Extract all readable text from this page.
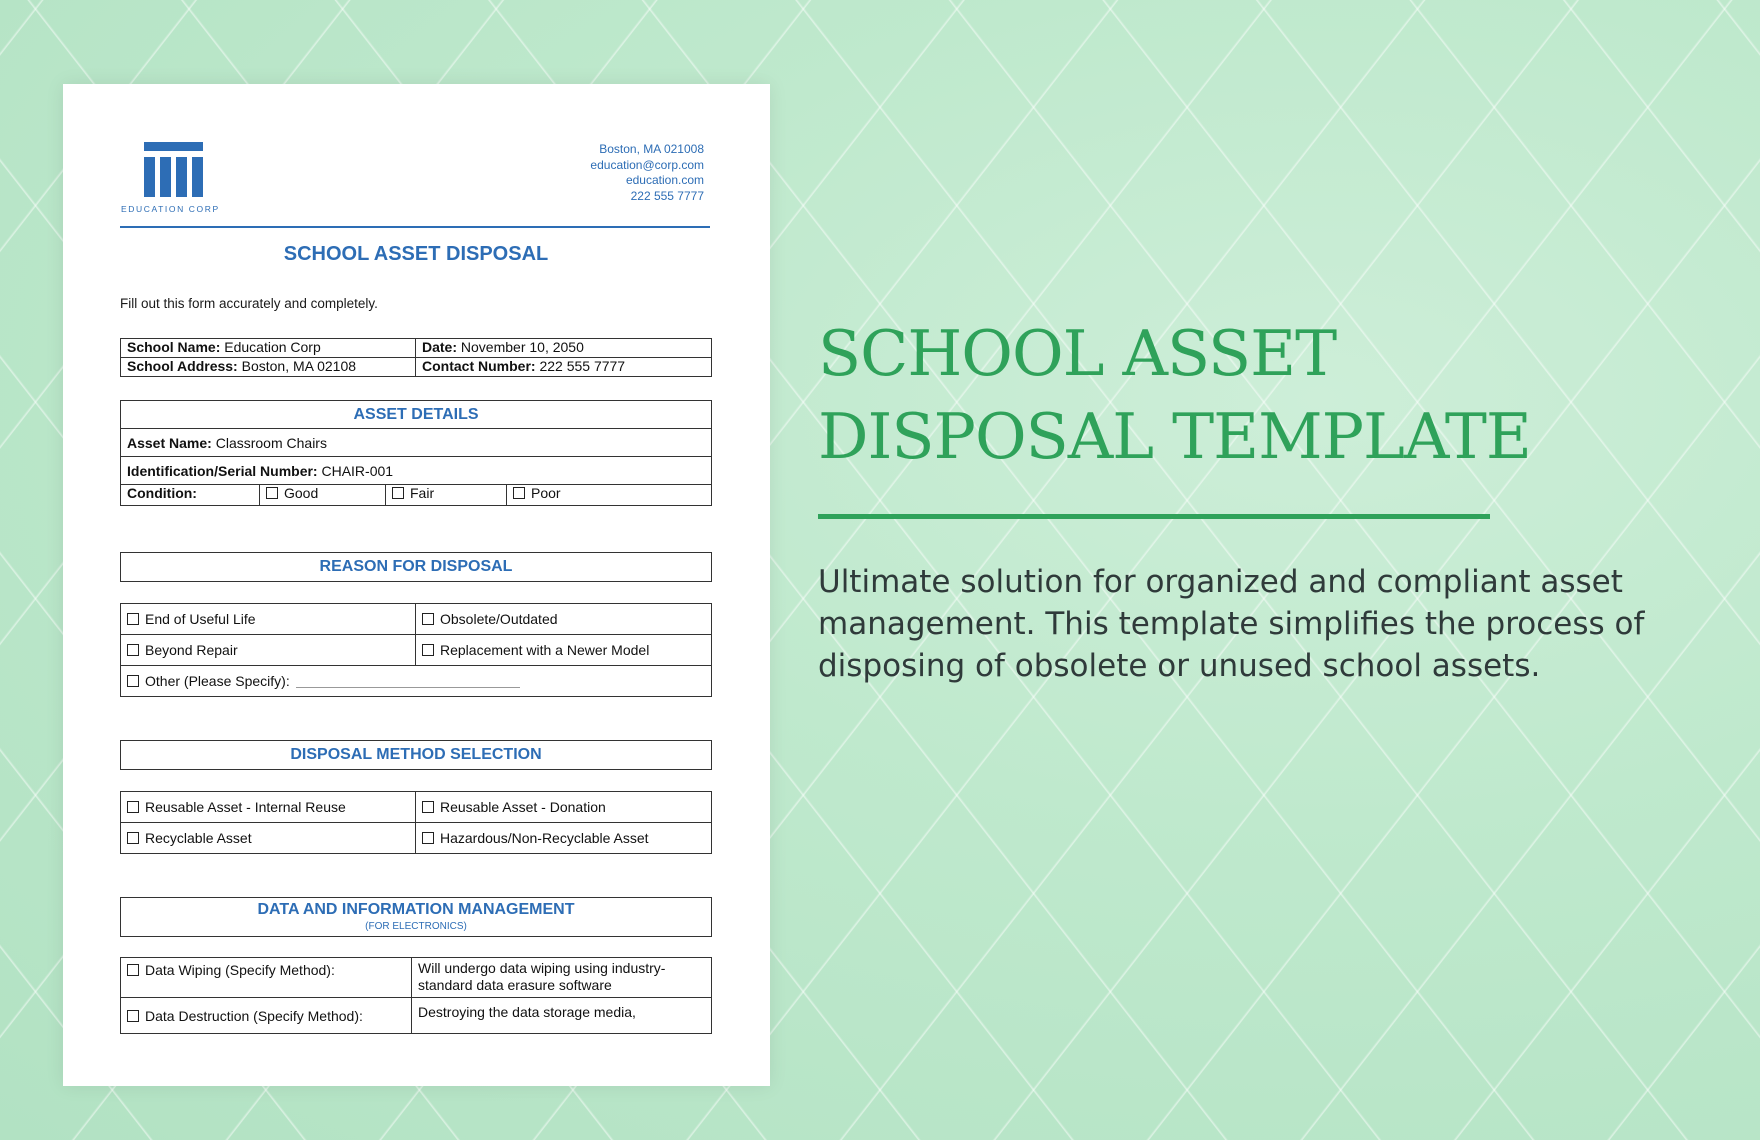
EDUCATION CORP
Boston, MA 021008
education@corp.com
education.com
222 555 7777
SCHOOL ASSET DISPOSAL
Fill out this form accurately and completely.
School Name: Education Corp	Date: November 10, 2050
School Address: Boston, MA 02108	Contact Number: 222 555 7777
ASSET DETAILS
Asset Name: Classroom Chairs
Identification/Serial Number: CHAIR-001
Condition:	Good	Fair	Poor
REASON FOR DISPOSAL
End of Useful Life	Obsolete/Outdated
Beyond Repair	Replacement with a Newer Model
Other (Please Specify):	
DISPOSAL METHOD SELECTION
Reusable Asset - Internal Reuse	Reusable Asset - Donation
Recyclable Asset	Hazardous/Non-Recyclable Asset
DATA AND INFORMATION MANAGEMENT
(FOR ELECTRONICS)
Data Wiping (Specify Method):	Will undergo data wiping using industry-standard data erasure software
Data Destruction (Specify Method):	Destroying the data storage media,
SCHOOL ASSET
DISPOSAL TEMPLATE
Ultimate solution for organized and compliant asset management. This template simplifies the process of disposing of obsolete or unused school assets.
